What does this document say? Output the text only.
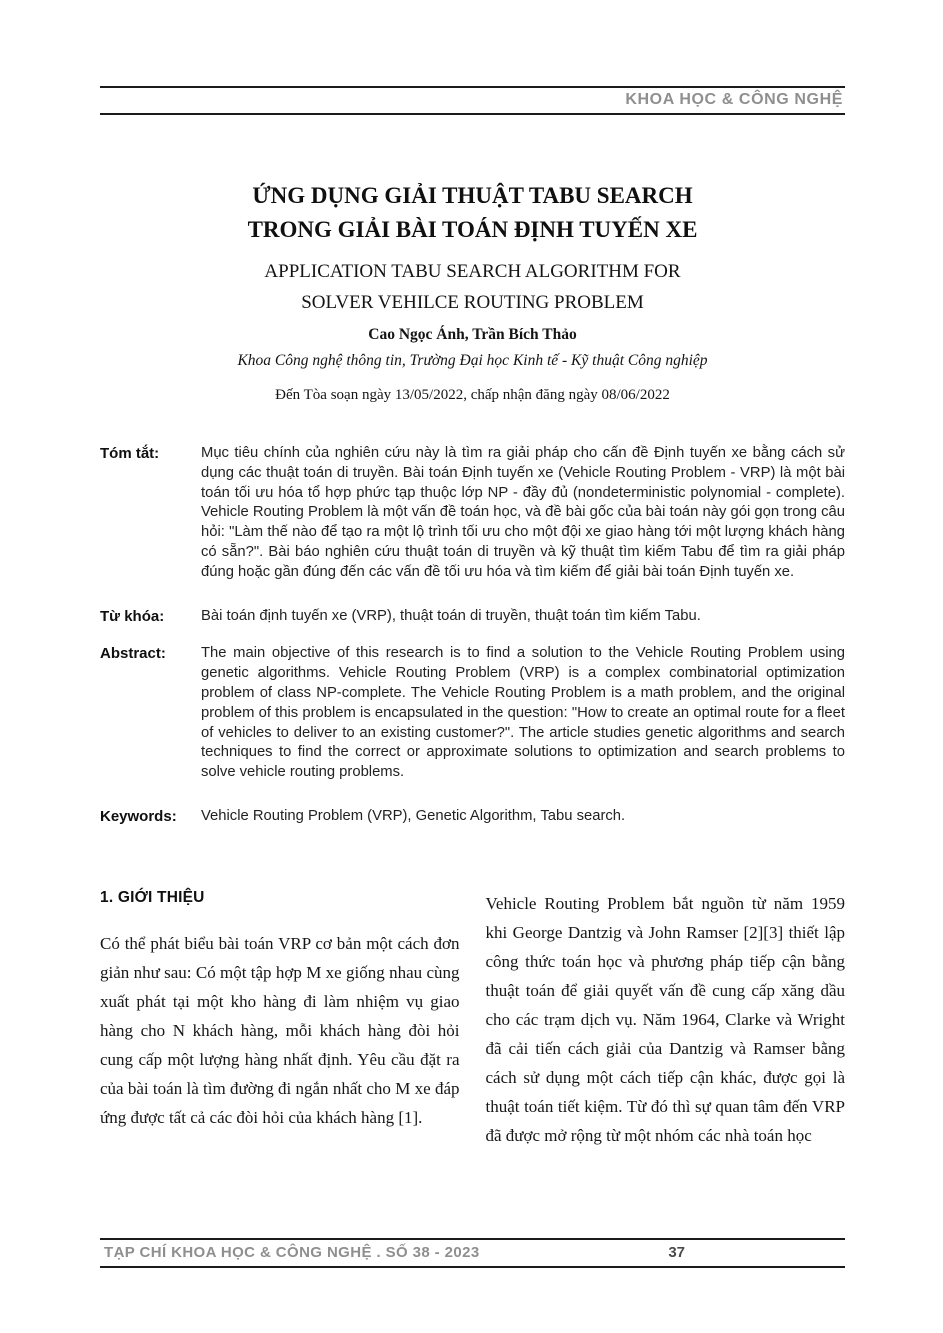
KHOA HỌC & CÔNG NGHỆ
ỨNG DỤNG GIẢI THUẬT TABU SEARCH
TRONG GIẢI BÀI TOÁN ĐỊNH TUYẾN XE
APPLICATION TABU SEARCH ALGORITHM FOR
SOLVER VEHILCE ROUTING PROBLEM
Cao Ngọc Ánh, Trần Bích Thảo
Khoa Công nghệ thông tin, Trường Đại học Kinh tế - Kỹ thuật Công nghiệp
Đến Tòa soạn ngày 13/05/2022, chấp nhận đăng ngày 08/06/2022
Tóm tắt:	Mục tiêu chính của nghiên cứu này là tìm ra giải pháp cho cấn đề Định tuyến xe bằng cách sử dụng các thuật toán di truyền. Bài toán Định tuyến xe (Vehicle Routing Problem - VRP) là một bài toán tối ưu hóa tổ hợp phức tạp thuộc lớp NP - đầy đủ (nondeterministic polynomial - complete). Vehicle Routing Problem là một vấn đề toán học, và đề bài gốc của bài toán này gói gọn trong câu hỏi: "Làm thế nào để tạo ra một lộ trình tối ưu cho một đội xe giao hàng tới một lượng khách hàng có sẵn?". Bài báo nghiên cứu thuật toán di truyền và kỹ thuật tìm kiếm Tabu để tìm ra giải pháp đúng hoặc gần đúng đến các vấn đề tối ưu hóa và tìm kiếm để giải bài toán Định tuyến xe.
Từ khóa:	Bài toán định tuyến xe (VRP), thuật toán di truyền, thuật toán tìm kiếm Tabu.
Abstract:	The main objective of this research is to find a solution to the Vehicle Routing Problem using genetic algorithms. Vehicle Routing Problem (VRP) is a complex combinatorial optimization problem of class NP-complete. The Vehicle Routing Problem is a math problem, and the original problem of this problem is encapsulated in the question: "How to create an optimal route for a fleet of vehicles to deliver to an existing customer?". The article studies genetic algorithms and search techniques to find the correct or approximate solutions to optimization and search problems to solve vehicle routing problems.
Keywords:	Vehicle Routing Problem (VRP), Genetic Algorithm, Tabu search.
1. GIỚI THIỆU

Có thể phát biểu bài toán VRP cơ bản một cách đơn giản như sau: Có một tập hợp M xe giống nhau cùng xuất phát tại một kho hàng đi làm nhiệm vụ giao hàng cho N khách hàng, mỗi khách hàng đòi hỏi cung cấp một lượng hàng nhất định. Yêu cầu đặt ra của bài toán là tìm đường đi ngắn nhất cho M xe đáp ứng được tất cả các đòi hỏi của khách hàng [1].

Vehicle Routing Problem bắt nguồn từ năm 1959 khi George Dantzig và John Ramser [2][3] thiết lập công thức toán học và phương pháp tiếp cận bằng thuật toán để giải quyết vấn đề cung cấp xăng dầu cho các trạm dịch vụ. Năm 1964, Clarke và Wright đã cải tiến cách giải của Dantzig và Ramser bằng cách sử dụng một cách tiếp cận khác, được gọi là thuật toán tiết kiệm. Từ đó thì sự quan tâm đến VRP đã được mở rộng từ một nhóm các nhà toán học

TẠP CHÍ KHOA HỌC & CÔNG NGHỆ . SỐ 38 - 2023	37
